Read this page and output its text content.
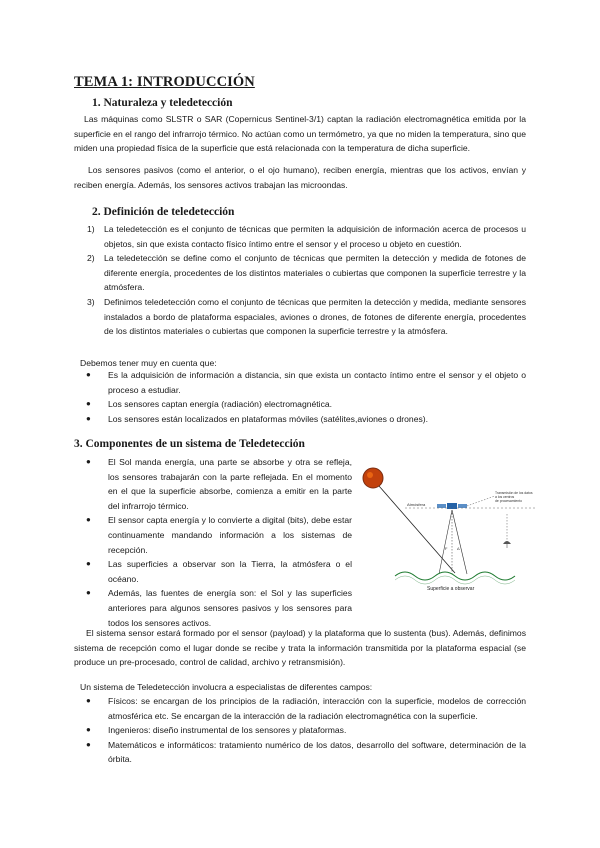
TEMA 1: INTRODUCCIÓN
1. Naturaleza y teledetección
Las máquinas como SLSTR o SAR (Copernicus Sentinel-3/1) captan la radiación electromagnética emitida por la superficie en el rango del infrarrojo térmico. No actúan como un termómetro, ya que no miden la temperatura, sino que miden una propiedad física de la superficie que está relacionada con la temperatura de dicha superficie.
Los sensores pasivos (como el anterior, o el ojo humano), reciben energía, mientras que los activos, envían y reciben energía. Además, los sensores activos trabajan las microondas.
2. Definición de teledetección
1) La teledetección es el conjunto de técnicas que permiten la adquisición de información acerca de procesos u objetos, sin que exista contacto físico íntimo entre el sensor y el proceso u objeto en cuestión.
2) La teledetección se define como el conjunto de técnicas que permiten la detección y medida de fotones de diferente energía, procedentes de los distintos materiales o cubiertas que componen la superficie terrestre y la atmósfera.
3) Definimos teledetección como el conjunto de técnicas que permiten la detección y medida, mediante sensores instalados a bordo de plataforma espaciales, aviones o drones, de fotones de diferente energía, procedentes de los distintos materiales o cubiertas que componen la superficie terrestre y la atmósfera.
Debemos tener muy en cuenta que:
● Es la adquisición de información a distancia, sin que exista un contacto íntimo entre el sensor y el objeto o proceso a estudiar.
● Los sensores captan energía (radiación) electromagnética.
● Los sensores están localizados en plataformas móviles (satélites,aviones o drones).
3. Componentes de un sistema de Teledetección
● El Sol manda energía, una parte se absorbe y otra se refleja, los sensores trabajarán con la parte reflejada. En el momento en el que la superficie absorbe, comienza a emitir en la parte del infrarrojo térmico.
● El sensor capta energía y lo convierte a digital (bits), debe estar continuamente mandando información a los sistemas de recepción.
● Las superficies a observar son la Tierra, la atmósfera o el océano.
● Además, las fuentes de energía son: el Sol y las superficies anteriores para algunos sensores pasivos y los sensores para todos los sensores activos.
Atmósfera
Transmisión de los datos a los centros de procesamiento
F Δ
Superficie a observar
El sistema sensor estará formado por el sensor (payload) y la plataforma que lo sustenta (bus). Además, definimos sistema de recepción como el lugar donde se recibe y trata la información transmitida por la plataforma espacial (se produce un pre-procesado, control de calidad, archivo y retransmisión).
Un sistema de Teledetección involucra a especialistas de diferentes campos:
● Físicos: se encargan de los principios de la radiación, interacción con la superficie, modelos de corrección atmosférica etc. Se encargan de la interacción de la radiación electromagnética con la superficie.
● Ingenieros: diseño instrumental de los sensores y plataformas.
● Matemáticos e informáticos: tratamiento numérico de los datos, desarrollo del software, determinación de la órbita.
